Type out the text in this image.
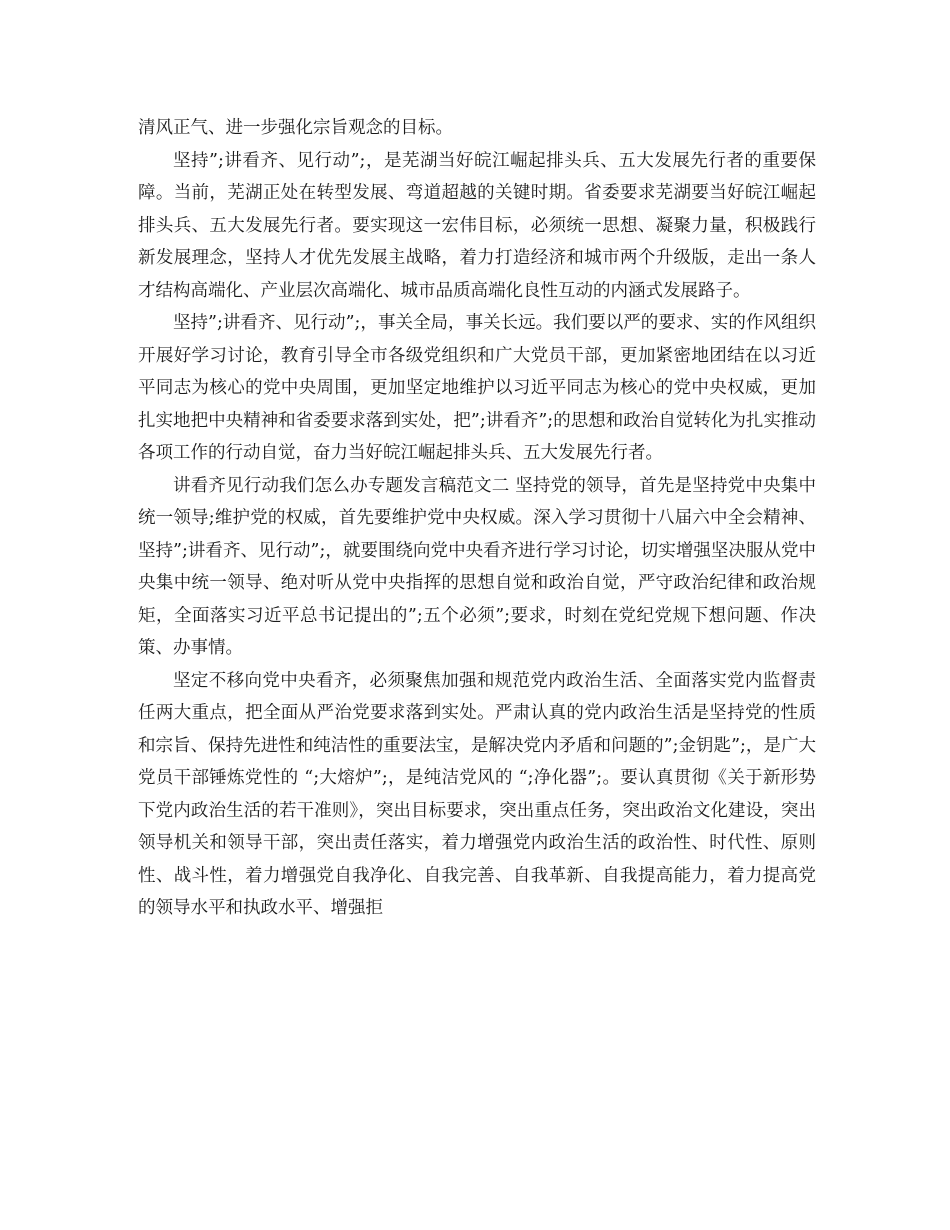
清风正气、进一步强化宗旨观念的目标。

坚持”;讲看齐、见行动”;，是芜湖当好皖江崛起排头兵、五大发展先行者的重要保障。当前，芜湖正处在转型发展、弯道超越的关键时期。省委要求芜湖要当好皖江崛起排头兵、五大发展先行者。要实现这一宏伟目标，必须统一思想、凝聚力量，积极践行新发展理念，坚持人才优先发展主战略，着力打造经济和城市两个升级版，走出一条人才结构高端化、产业层次高端化、城市品质高端化良性互动的内涵式发展路子。

坚持”;讲看齐、见行动”;，事关全局，事关长远。我们要以严的要求、实的作风组织开展好学习讨论，教育引导全市各级党组织和广大党员干部，更加紧密地团结在以习近平同志为核心的党中央周围，更加坚定地维护以习近平同志为核心的党中央权威，更加扎实地把中央精神和省委要求落到实处，把”;讲看齐”;的思想和政治自觉转化为扎实推动各项工作的行动自觉，奋力当好皖江崛起排头兵、五大发展先行者。

讲看齐见行动我们怎么办专题发言稿范文二 坚持党的领导，首先是坚持党中央集中统一领导;维护党的权威，首先要维护党中央权威。深入学习贯彻十八届六中全会精神、坚持”;讲看齐、见行动”;，就要围绕向党中央看齐进行学习讨论，切实增强坚决服从党中央集中统一领导、绝对听从党中央指挥的思想自觉和政治自觉，严守政治纪律和政治规矩，全面落实习近平总书记提出的”;五个必须”;要求，时刻在党纪党规下想问题、作决策、办事情。

坚定不移向党中央看齐，必须聚焦加强和规范党内政治生活、全面落实党内监督责任两大重点，把全面从严治党要求落到实处。严肃认真的党内政治生活是坚持党的性质和宗旨、保持先进性和纯洁性的重要法宝，是解决党内矛盾和问题的”;金钥匙”;，是广大党员干部锤炼党性的 “;大熔炉”;，是纯洁党风的 “;净化器”;。要认真贯彻《关于新形势下党内政治生活的若干准则》，突出目标要求，突出重点任务，突出政治文化建设，突出领导机关和领导干部，突出责任落实，着力增强党内政治生活的政治性、时代性、原则性、战斗性，着力增强党自我净化、自我完善、自我革新、自我提高能力，着力提高党的领导水平和执政水平、增强拒
